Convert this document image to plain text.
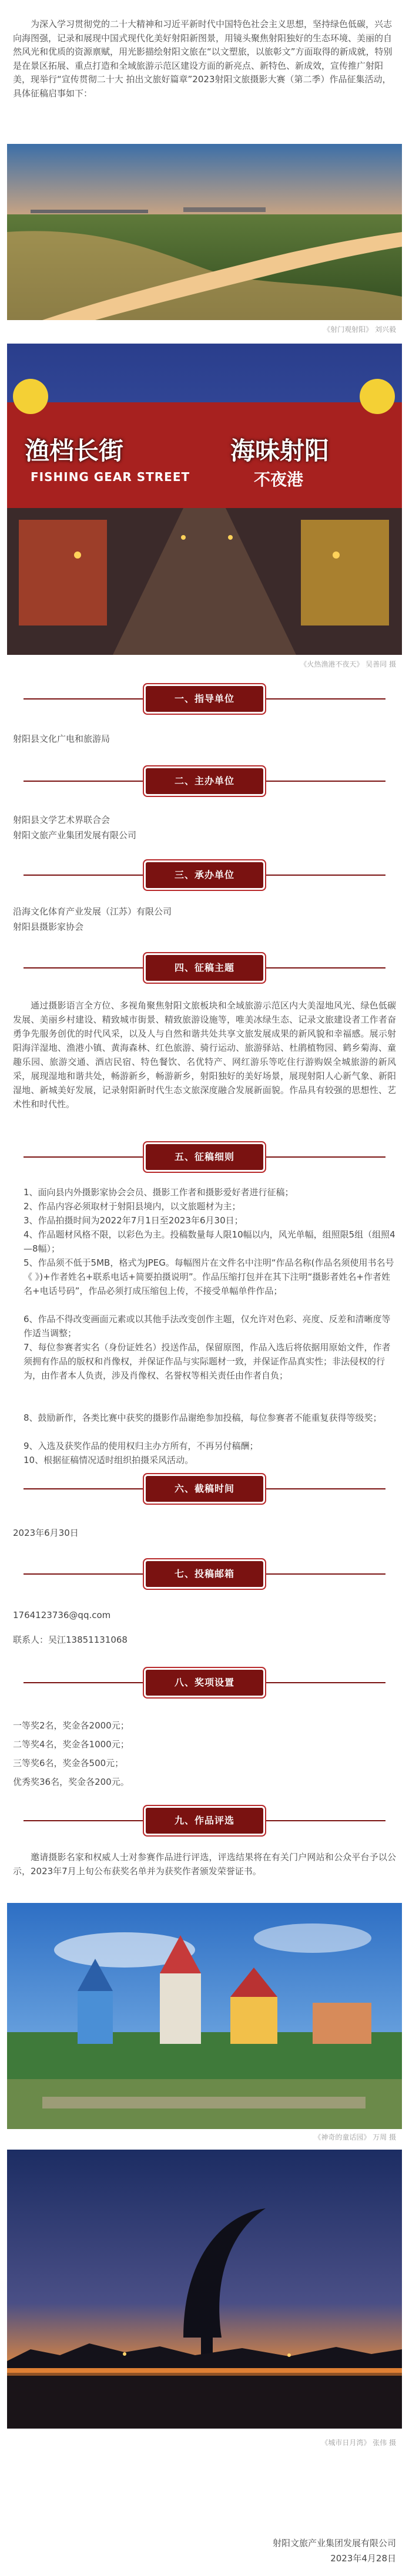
为深入学习贯彻党的二十大精神和习近平新时代中国特色社会主义思想，坚持绿色低碳，兴志向海图强，记录和展现中国式现代化美好射阳新图景，用镜头聚焦射阳独好的生态环境、美丽的自然风光和优质的资源禀赋，用光影描绘射阳文旅在“以文塑旅，以旅彰文”方面取得的新成就，特别是在景区拓展、重点打造和全域旅游示范区建设方面的新亮点、新特色、新成效，宣传推广射阳美，现举行“宣传贯彻二十大 拍出文旅好篇章”2023射阳文旅摄影大赛（第二季）作品征集活动，具体征稿启事如下：

《射门观射阳》 刘兴毅
渔档长街	海味射阳
FISHING GEAR STREET	不夜港
《火热渔港不夜天》 吴善同 摄
一、指导单位

射阳县文化广电和旅游局

二、主办单位

射阳县文学艺术界联合会

射阳文旅产业集团发展有限公司

三、承办单位

沿海文化体育产业发展（江苏）有限公司

射阳县摄影家协会

四、征稿主题

通过摄影语言全方位、多视角聚焦射阳文旅板块和全域旅游示范区内大美湿地风光、绿色低碳发展、美丽乡村建设、精致城市街景、精致旅游设施等，唯美冰绿生态、记录文旅建设者工作者奋勇争先服务创优的时代风采，以及人与自然和谐共处共享文旅发展成果的新风貌和幸福感。展示射阳海洋湿地、渔港小镇、黄海森林、红色旅游、骑行运动、旅游驿站、杜鹃植物园、鹤乡菊海、童趣乐园、旅游交通、酒店民宿、特色餐饮、名优特产、网红游乐等吃住行游购娱全城旅游的新风采，展现湿地和谐共处，畅游新乡，畅游新乡，射阳独好的美好场景，展现射阳人心新气象、新阳湿地、新城美好发展，记录射阳新时代生态文旅深度融合发展新面貌。作品具有较强的思想性、艺术性和时代性。

五、征稿细则

1、面向县内外摄影家协会会员、摄影工作者和摄影爱好者进行征稿；

2、作品内容必须取材于射阳县境内，以文旅题材为主；

3、作品拍摄时间为2022年7月1日至2023年6月30日；

4、作品题材风格不限，以彩色为主。投稿数量每人限10幅以内，风光单幅，组照限5组（组照4—8幅）；

5、作品须不低于5MB，格式为JPEG。每幅图片在文件名中注明“作品名称(作品名须使用书名号《 》)+作者姓名+联系电话+简要拍摄说明”。作品压缩打包并在其下注明“摄影者姓名+作者姓名+电话号码”，作品必须打成压缩包上传，不接受单幅单件作品；

6、作品不得改变画面元素或以其他手法改变创作主题，仅允许对色彩、亮度、反差和清晰度等作适当调整；

7、每位参赛者实名（身份证姓名）投送作品，保留原图，作品入选后将依据用原始文件，作者须拥有作品的版权和肖像权，并保证作品与实际题材一致，并保证作品真实性；非法侵权的行为，由作者本人负责，涉及肖像权、名誉权等相关责任由作者自负；

8、鼓励新作，各类比赛中获奖的摄影作品谢绝参加投稿，每位参赛者不能重复获得等级奖；

9、入选及获奖作品的使用权归主办方所有，不再另付稿酬；

10、根据征稿情况适时组织拍摄采风活动。

六、截稿时间

2023年6月30日

七、投稿邮箱

1764123736@qq.com

联系人：吴江13851131068

八、奖项设置

一等奖2名，奖金各2000元；

二等奖4名，奖金各1000元；

三等奖6名，奖金各500元；

优秀奖36名，奖金各200元。

九、作品评选

邀请摄影名家和权威人士对参赛作品进行评选，评选结果将在有关门户网站和公众平台予以公示，2023年7月上旬公布获奖名单并为获奖作者颁发荣誉证书。

《神奇的童话园》 万周 摄
《城市日月湾》 张伟 摄
射阳文旅产业集团发展有限公司
2023年4月28日
